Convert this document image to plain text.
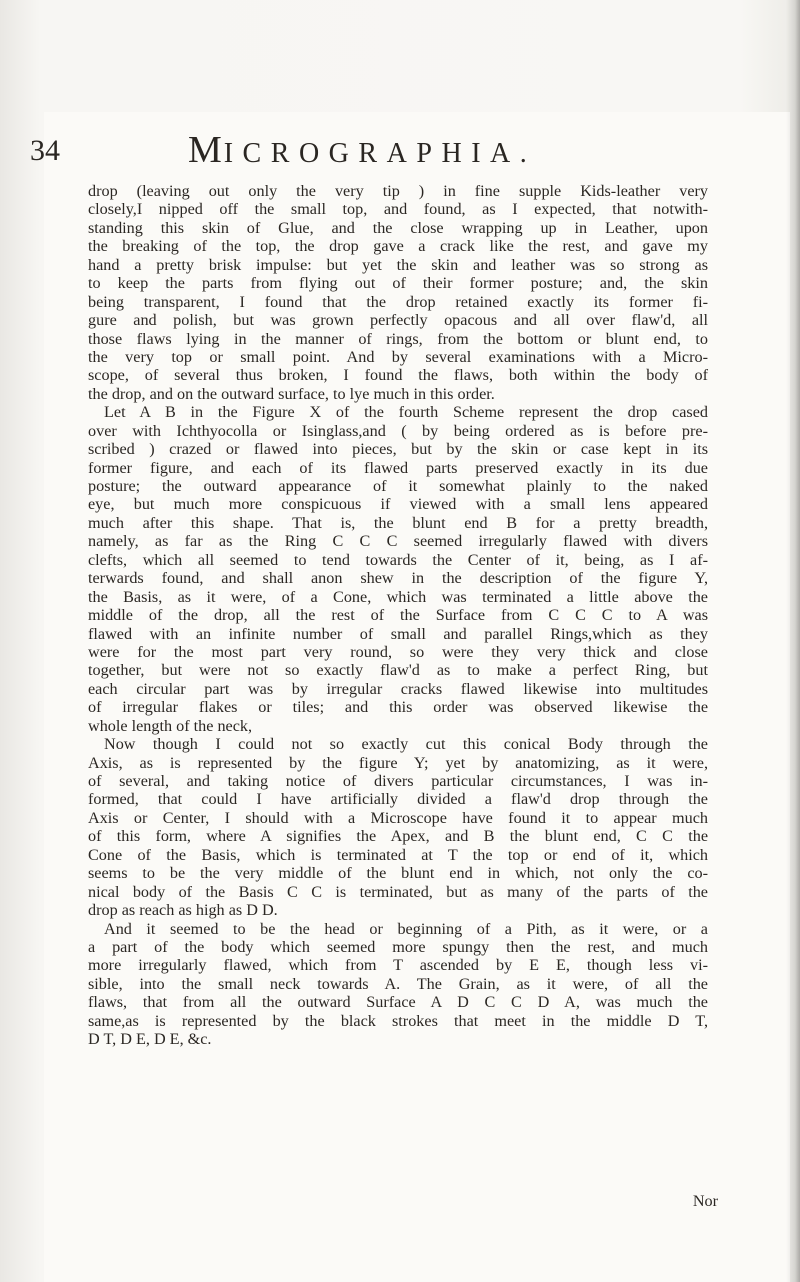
34	MICROGRAPHIA.
drop (leaving out only the very tip ) in fine supple Kids-leather very
closely,I nipped off the small top, and found, as I expected, that notwith-
standing this skin of Glue, and the close wrapping up in Leather, upon
the breaking of the top, the drop gave a crack like the rest, and gave my
hand a pretty brisk impulse: but yet the skin and leather was so strong as
to keep the parts from flying out of their former posture; and, the skin
being transparent, I found that the drop retained exactly its former fi-
gure and polish, but was grown perfectly opacous and all over flaw'd, all
those flaws lying in the manner of rings, from the bottom or blunt end, to
the very top or small point. And by several examinations with a Micro-
scope, of several thus broken, I found the flaws, both within the body of
the drop, and on the outward surface, to lye much in this order.
Let A B in the Figure X of the fourth Scheme represent the drop cased
over with Ichthyocolla or Isinglass,and ( by being ordered as is before pre-
scribed ) crazed or flawed into pieces, but by the skin or case kept in its
former figure, and each of its flawed parts preserved exactly in its due
posture; the outward appearance of it somewhat plainly to the naked
eye, but much more conspicuous if viewed with a small lens appeared
much after this shape. That is, the blunt end B for a pretty breadth,
namely, as far as the Ring C C C seemed irregularly flawed with divers
clefts, which all seemed to tend towards the Center of it, being, as I af-
terwards found, and shall anon shew in the description of the figure Y,
the Basis, as it were, of a Cone, which was terminated a little above the
middle of the drop, all the rest of the Surface from C C C to A was
flawed with an infinite number of small and parallel Rings,which as they
were for the most part very round, so were they very thick and close
together, but were not so exactly flaw'd as to make a perfect Ring, but
each circular part was by irregular cracks flawed likewise into multitudes
of irregular flakes or tiles; and this order was observed likewise the
whole length of the neck,
Now though I could not so exactly cut this conical Body through the
Axis, as is represented by the figure Y; yet by anatomizing, as it were,
of several, and taking notice of divers particular circumstances, I was in-
formed, that could I have artificially divided a flaw'd drop through the
Axis or Center, I should with a Microscope have found it to appear much
of this form, where A signifies the Apex, and B the blunt end, C C the
Cone of the Basis, which is terminated at T the top or end of it, which
seems to be the very middle of the blunt end in which, not only the co-
nical body of the Basis C C is terminated, but as many of the parts of the
drop as reach as high as D D.
And it seemed to be the head or beginning of a Pith, as it were, or a
a part of the body which seemed more spungy then the rest, and much
more irregularly flawed, which from T ascended by E E, though less vi-
sible, into the small neck towards A. The Grain, as it were, of all the
flaws, that from all the outward Surface A D C C D A, was much the
same,as is represented by the black strokes that meet in the middle D T,
D T, D E, D E, &c.
Nor
